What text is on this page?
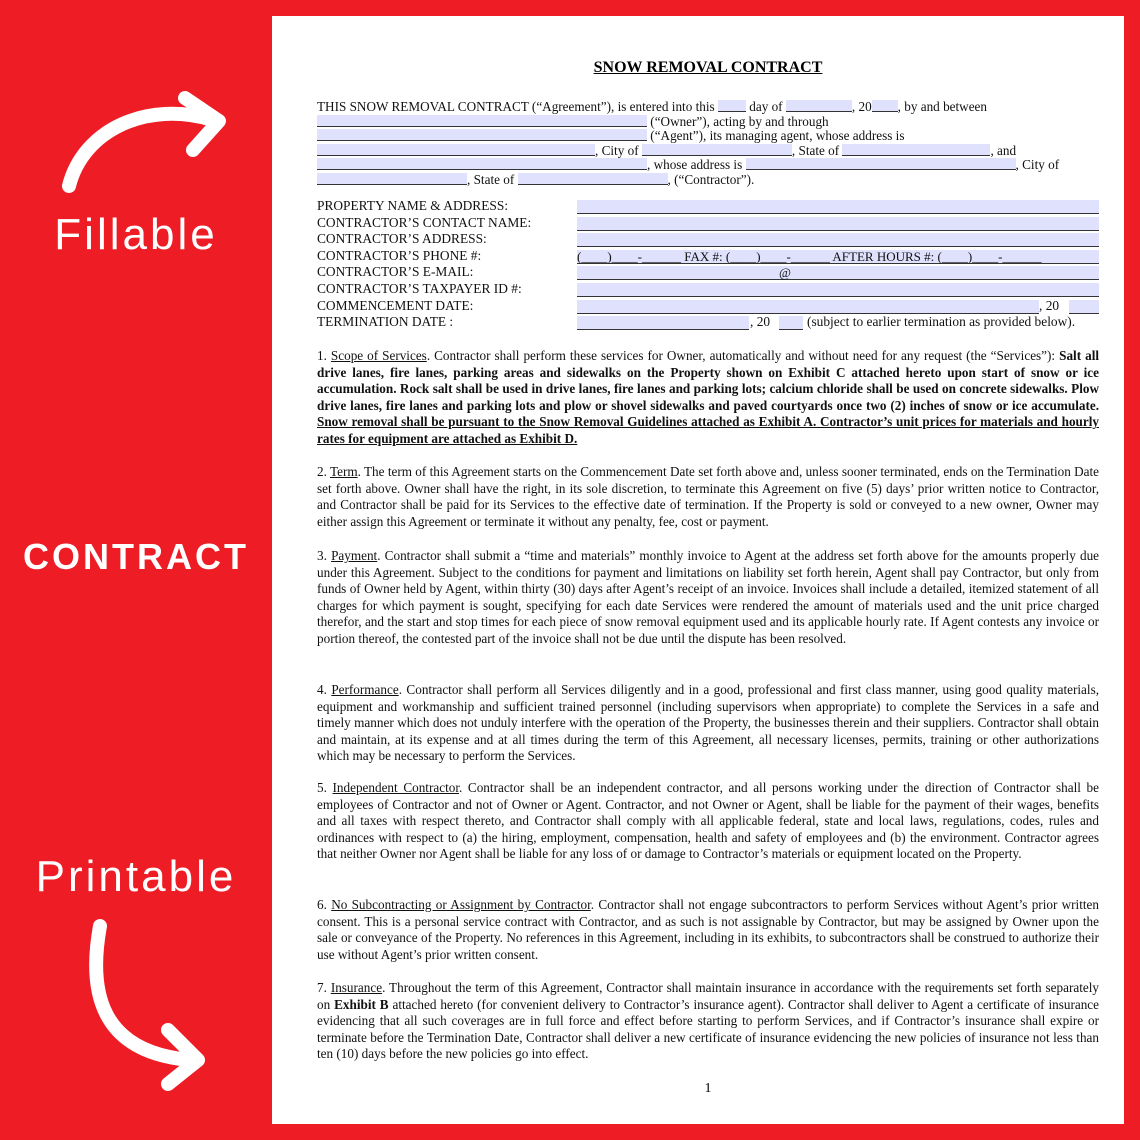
Fillable
CONTRACT
Printable
SNOW REMOVAL CONTRACT
THIS SNOW REMOVAL CONTRACT (“Agreement”), is entered into this	day of	, 20 , by and between  (“Owner”), acting by and through  (“Agent”), its managing agent, whose address is , City of	, State of	, and , whose address is	, City of , State of	, (“Contractor”).
PROPERTY NAME & ADDRESS:
CONTRACTOR’S CONTACT NAME:
CONTRACTOR’S ADDRESS:
CONTRACTOR’S PHONE #:	(____)____-______ FAX #: (____)____-______ AFTER HOURS #: (____)____-______
CONTRACTOR’S E-MAIL:	@
CONTRACTOR’S TAXPAYER ID #:
COMMENCEMENT DATE:	, 20
TERMINATION DATE :	, 20	(subject to earlier termination as provided below).
1. Scope of Services. Contractor shall perform these services for Owner, automatically and without need for any request (the “Services”): Salt all drive lanes, fire lanes, parking areas and sidewalks on the Property shown on Exhibit C attached hereto upon start of snow or ice accumulation. Rock salt shall be used in drive lanes, fire lanes and parking lots; calcium chloride shall be used on concrete sidewalks. Plow drive lanes, fire lanes and parking lots and plow or shovel sidewalks and paved courtyards once two (2) inches of snow or ice accumulate. Snow removal shall be pursuant to the Snow Removal Guidelines attached as Exhibit A. Contractor’s unit prices for materials and hourly rates for equipment are attached as Exhibit D.
2. Term. The term of this Agreement starts on the Commencement Date set forth above and, unless sooner terminated, ends on the Termination Date set forth above. Owner shall have the right, in its sole discretion, to terminate this Agreement on five (5) days’ prior written notice to Contractor, and Contractor shall be paid for its Services to the effective date of termination. If the Property is sold or conveyed to a new owner, Owner may either assign this Agreement or terminate it without any penalty, fee, cost or payment.
3. Payment. Contractor shall submit a “time and materials” monthly invoice to Agent at the address set forth above for the amounts properly due under this Agreement. Subject to the conditions for payment and limitations on liability set forth herein, Agent shall pay Contractor, but only from funds of Owner held by Agent, within thirty (30) days after Agent’s receipt of an invoice. Invoices shall include a detailed, itemized statement of all charges for which payment is sought, specifying for each date Services were rendered the amount of materials used and the unit price charged therefor, and the start and stop times for each piece of snow removal equipment used and its applicable hourly rate. If Agent contests any invoice or portion thereof, the contested part of the invoice shall not be due until the dispute has been resolved.
4. Performance. Contractor shall perform all Services diligently and in a good, professional and first class manner, using good quality materials, equipment and workmanship and sufficient trained personnel (including supervisors when appropriate) to complete the Services in a safe and timely manner which does not unduly interfere with the operation of the Property, the businesses therein and their suppliers. Contractor shall obtain and maintain, at its expense and at all times during the term of this Agreement, all necessary licenses, permits, training or other authorizations which may be necessary to perform the Services.
5. Independent Contractor. Contractor shall be an independent contractor, and all persons working under the direction of Contractor shall be employees of Contractor and not of Owner or Agent. Contractor, and not Owner or Agent, shall be liable for the payment of their wages, benefits and all taxes with respect thereto, and Contractor shall comply with all applicable federal, state and local laws, regulations, codes, rules and ordinances with respect to (a) the hiring, employment, compensation, health and safety of employees and (b) the environment. Contractor agrees that neither Owner nor Agent shall be liable for any loss of or damage to Contractor’s materials or equipment located on the Property.
6. No Subcontracting or Assignment by Contractor. Contractor shall not engage subcontractors to perform Services without Agent’s prior written consent. This is a personal service contract with Contractor, and as such is not assignable by Contractor, but may be assigned by Owner upon the sale or conveyance of the Property. No references in this Agreement, including in its exhibits, to subcontractors shall be construed to authorize their use without Agent’s prior written consent.
7. Insurance. Throughout the term of this Agreement, Contractor shall maintain insurance in accordance with the requirements set forth separately on Exhibit B attached hereto (for convenient delivery to Contractor’s insurance agent). Contractor shall deliver to Agent a certificate of insurance evidencing that all such coverages are in full force and effect before starting to perform Services, and if Contractor’s insurance shall expire or terminate before the Termination Date, Contractor shall deliver a new certificate of insurance evidencing the new policies of insurance not less than ten (10) days before the new policies go into effect.
1
